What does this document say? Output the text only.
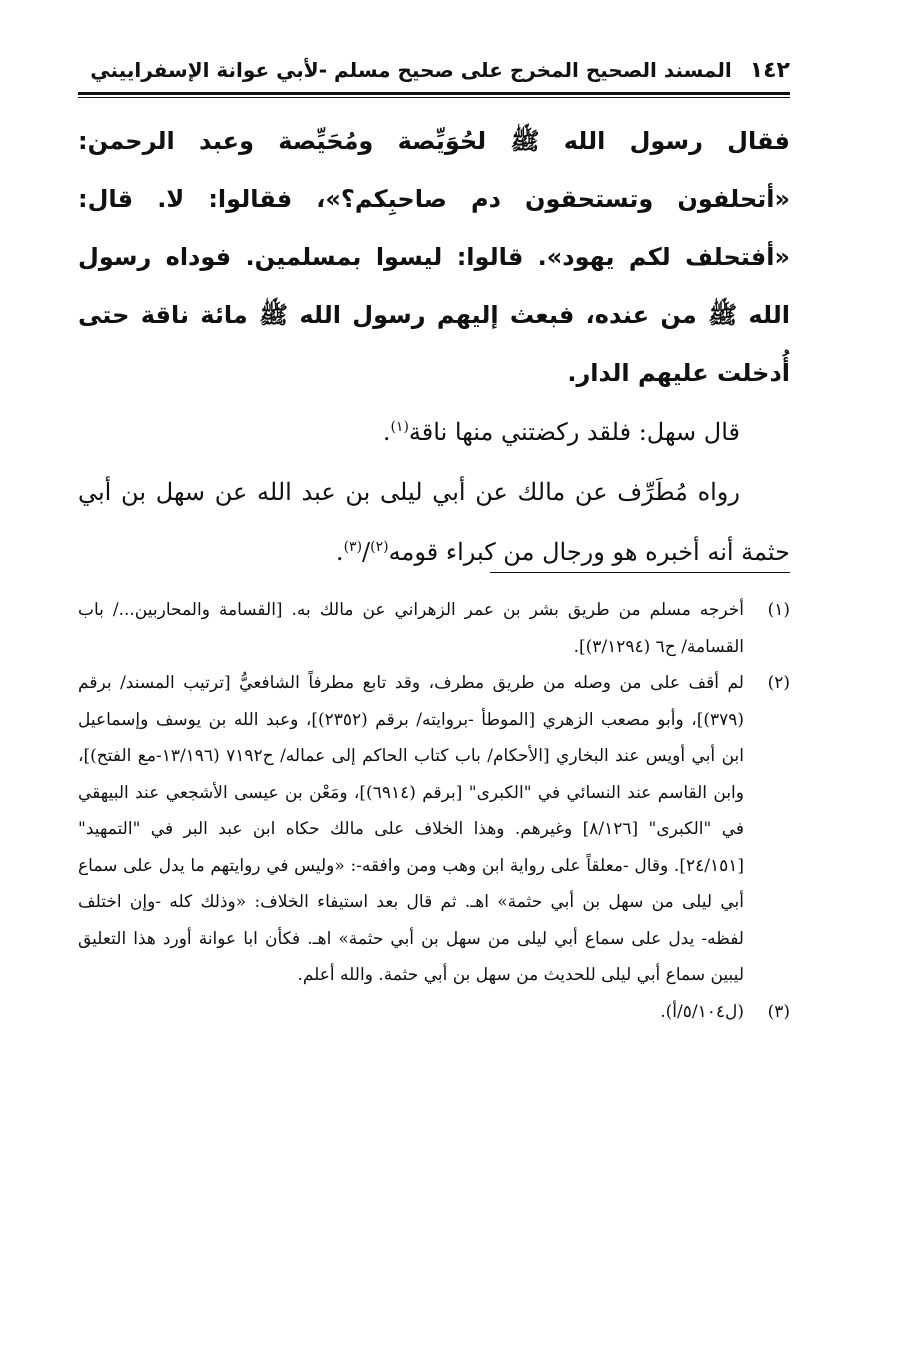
١٤٢
المسند الصحيح المخرج على صحيح مسلم -لأبي عوانة الإسفراييني

فقال رسول الله ﷺ لحُوَيِّصة ومُحَيِّصة وعبد الرحمن: «أتحلفون وتستحقون دم صاحبِكم؟»، فقالوا: لا. قال: «أفتحلف لكم يهود». قالوا: ليسوا بمسلمين. فوداه رسول الله ﷺ من عنده، فبعث إليهم رسول الله ﷺ مائة ناقة حتى أُدخلت عليهم الدار.

قال سهل: فلقد ركضتني منها ناقة$^{(١)}$.

رواه مُطَرِّف عن مالك عن أبي ليلى بن عبد الله عن سهل بن أبي حثمة أنه أخبره هو ورجال من كبراء قومه$^{(٢)}$/$^{(٣)}$.

(١)
أخرجه مسلم من طريق بشر بن عمر الزهراني عن مالك به. [القسامة والمحاربين.../ باب القسامة/ ح٦ (٣/١٢٩٤)].
(٢)
لم أقف على من وصله من طريق مطرف، وقد تابع مطرفاً الشافعيُّ [ترتيب المسند/ برقم (٣٧٩)]، وأبو مصعب الزهري [الموطأ -بروايته/ برقم (٢٣٥٢)]، وعبد الله بن يوسف وإسماعيل ابن أبي أويس عند البخاري [الأحكام/ باب كتاب الحاكم إلى عماله/ ح٧١٩٢ (١٣/١٩٦-مع الفتح)]، وابن القاسم عند النسائي في "الكبرى" [برقم (٦٩١٤)]، ومَعْن بن عيسى الأشجعي عند البيهقي في "الكبرى" [٨/١٢٦] وغيرهم. وهذا الخلاف على مالك حكاه ابن عبد البر في "التمهيد" [٢٤/١٥١]. وقال -معلقاً على رواية ابن وهب ومن وافقه-: «وليس في روايتهم ما يدل على سماع أبي ليلى من سهل بن أبي حثمة» اهـ. ثم قال بعد استيفاء الخلاف: «وذلك كله -وإن اختلف لفظه- يدل على سماع أبي ليلى من سهل بن أبي حثمة» اهـ. فكأن ابا عوانة أورد هذا التعليق ليبين سماع أبي ليلى للحديث من سهل بن أبي حثمة. والله أعلم.
(٣)
(ل٥/١٠٤/أ).
